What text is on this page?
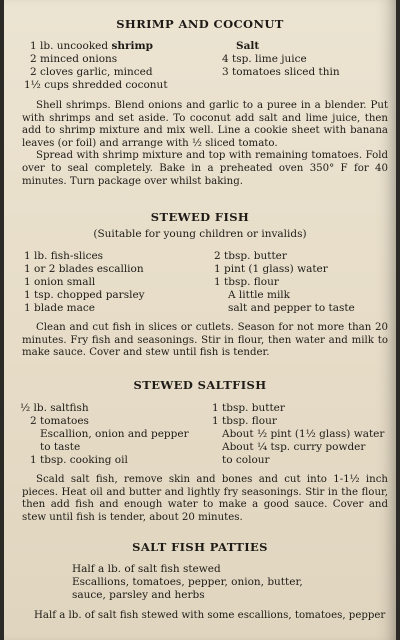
SHRIMP AND COCONUT
1 lb. uncooked shrimp
2 minced onions
2 cloves garlic, minced
1½ cups shredded coconut
Salt
4 tsp. lime juice
3 tomatoes sliced thin

Shell shrimps. Blend onions and garlic to a puree in a blender. Put with shrimps and set aside. To coconut add salt and lime juice, then add to shrimp mixture and mix well. Line a cookie sheet with banana leaves (or foil) and arrange with ½ sliced tomato.

Spread with shrimp mixture and top with remaining tomatoes. Fold over to seal completely. Bake in a preheated oven 350° F for 40 minutes. Turn package over whilst baking.

STEWED FISH
(Suitable for young children or invalids)
1 lb. fish-slices
1 or 2 blades escallion
1 onion small
1 tsp. chopped parsley
1 blade mace
2 tbsp. butter
1 pint (1 glass) water
1 tbsp. flour
A little milk
salt and pepper to taste

Clean and cut fish in slices or cutlets. Season for not more than 20 minutes. Fry fish and seasonings. Stir in flour, then water and milk to make sauce. Cover and stew until fish is tender.

STEWED SALTFISH
½ lb. saltfish
2 tomatoes
Escallion, onion and pepper
to taste
1 tbsp. cooking oil
1 tbsp. butter
1 tbsp. flour
About ½ pint (1½ glass) water
About ¼ tsp. curry powder
to colour

Scald salt fish, remove skin and bones and cut into 1-1½ inch pieces. Heat oil and butter and lightly fry seasonings. Stir in the flour, then add fish and enough water to make a good sauce. Cover and stew until fish is tender, about 20 minutes.

SALT FISH PATTIES
Half a lb. of salt fish stewed
Escallions, tomatoes, pepper, onion, butter,
sauce, parsley and herbs
Half a lb. of salt fish stewed with some escallions, tomatoes, pepper
